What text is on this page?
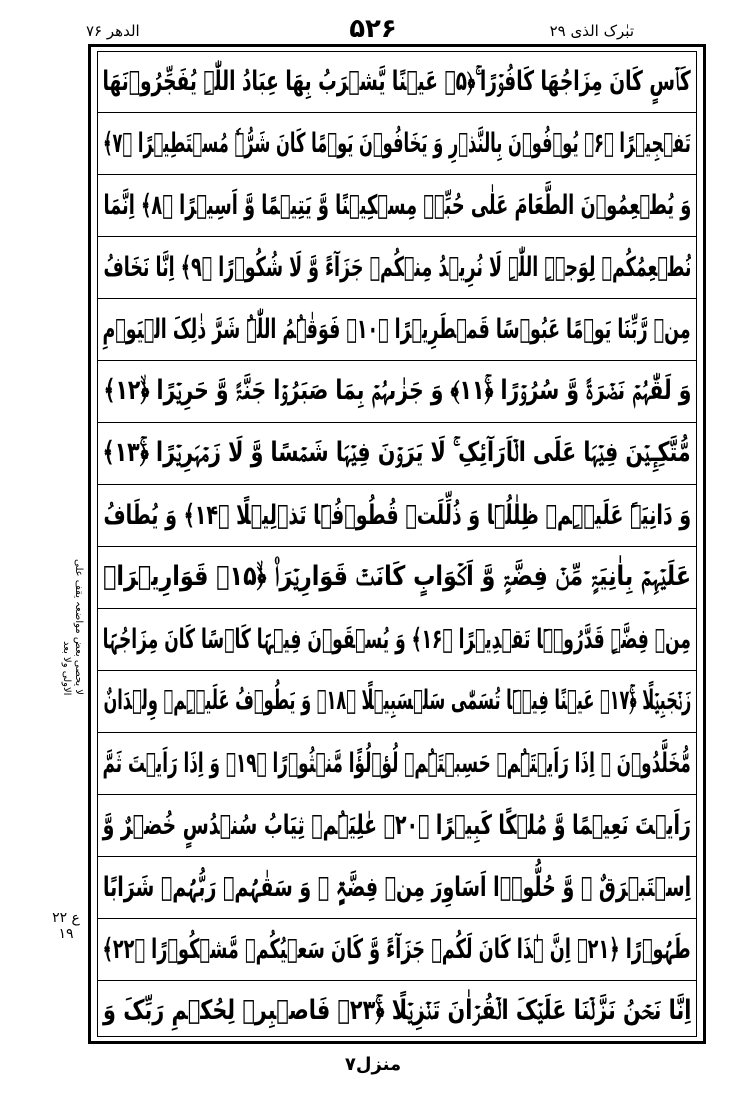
تبٰرک الذی ۲۹
۵۲۶
الدھر ۷۶
کَاۡسٍ کَانَ مِزَاجُھَا کَافُوۡرًا ۚ﴿۵﴾ عَیۡنًا یَّشۡرَبُ بِھَا عِبَادُ اللّٰہِ یُفَجِّرُوۡنَھَا
تَفۡجِیۡرًا ﴿۶﴾ یُوۡفُوۡنَ بِالنَّذۡرِ وَ یَخَافُوۡنَ یَوۡمًا کَانَ شَرُّہٗ مُسۡتَطِیۡرًا ﴿۷﴾
وَ یُطۡعِمُوۡنَ الطَّعَامَ عَلٰی حُبِّہٖ مِسۡکِیۡنًا وَّ یَتِیۡمًا وَّ اَسِیۡرًا ﴿۸﴾ اِنَّمَا
نُطۡعِمُکُمۡ لِوَجۡہِ اللّٰہِ لَا نُرِیۡدُ مِنۡکُمۡ جَزَآءً وَّ لَا شُکُوۡرًا ﴿۹﴾ اِنَّا نَخَافُ
مِنۡ رَّبِّنَا یَوۡمًا عَبُوۡسًا قَمۡطَرِیۡرًا ﴿۱۰﴾ فَوَقٰہُمُ اللّٰہُ شَرَّ ذٰلِکَ الۡیَوۡمِ
وَ لَقّٰہُمۡ نَضۡرَۃً وَّ سُرُوۡرًا ﴿ۚ۱۱﴾ وَ جَزٰىہُمۡ بِمَا صَبَرُوۡا جَنَّۃً وَّ حَرِیۡرًا ﴿ۙ۱۲﴾
مُّتَّکِـِٕیۡنَ فِیۡہَا عَلَی الۡاَرَآئِکِ ۚ لَا یَرَوۡنَ فِیۡہَا شَمۡسًا وَّ لَا زَمۡہَرِیۡرًا ﴿ۚ۱۳﴾
وَ دَانِیَۃً عَلَیۡہِمۡ ظِلٰلُہَا وَ ذُلِّلَتۡ قُطُوۡفُہَا تَذۡلِیۡلًا ﴿۱۴﴾ وَ یُطَافُ
عَلَیۡہِمۡ بِاٰنِیَۃٍ مِّنۡ فِضَّۃٍ وَّ اَکۡوَابٍ کَانَتۡ قَوَارِیۡرَا۠ ﴿ۙ۱۵﴾ قَوَارِیۡرَا۠
مِنۡ فِضَّۃٍ قَدَّرُوۡہَا تَقۡدِیۡرًا ﴿۱۶﴾ وَ یُسۡقَوۡنَ فِیۡہَا کَاۡسًا کَانَ مِزَاجُہَا
زَنۡجَبِیۡلًا ﴿ۚ۱۷﴾ عَیۡنًا فِیۡہَا تُسَمّٰی سَلۡسَبِیۡلًا ﴿۱۸﴾ وَ یَطُوۡفُ عَلَیۡہِمۡ وِلۡدَانٌ
مُّخَلَّدُوۡنَ ۚ اِذَا رَاَیۡتَہُمۡ حَسِبۡتَہُمۡ لُؤۡلُؤًا مَّنۡثُوۡرًا ﴿۱۹﴾ وَ اِذَا رَاَیۡتَ ثَمَّ
رَاَیۡتَ نَعِیۡمًا وَّ مُلۡکًا کَبِیۡرًا ﴿۲۰﴾ عٰلِیَہُمۡ ثِیَابُ سُنۡدُسٍ خُضۡرٌ وَّ
اِسۡتَبۡرَقٌ ۫ وَّ حُلُّوۡۤا اَسَاوِرَ مِنۡ فِضَّۃٍ ۚ وَ سَقٰہُمۡ رَبُّہُمۡ شَرَابًا
طَہُوۡرًا ﴿۲۱﴾ اِنَّ ہٰذَا کَانَ لَکُمۡ جَزَآءً وَّ کَانَ سَعۡیُکُمۡ مَّشۡکُوۡرًا ﴿۲۲﴾
اِنَّا نَحۡنُ نَزَّلۡنَا عَلَیۡکَ الۡقُرۡاٰنَ تَنۡزِیۡلًا ﴿ۚ۲۳﴾ فَاصۡبِرۡ لِحُکۡمِ رَبِّکَ وَ
لا یحصی بعض مواضعہ یقف علی الاولی ولا بعد
ع ۲۲ ۱۹
منزل۷
